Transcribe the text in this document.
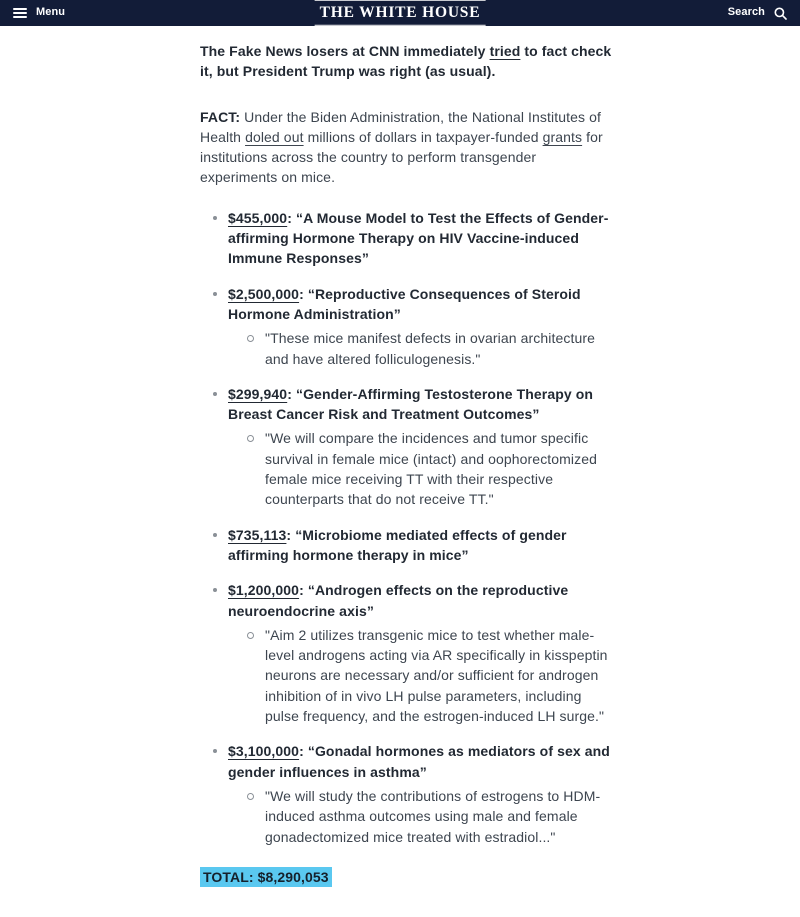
Menu	THE WHITE HOUSE	Search

The Fake News losers at CNN immediately tried to fact check it, but President Trump was right (as usual).

FACT: Under the Biden Administration, the National Institutes of Health doled out millions of dollars in taxpayer-funded grants for institutions across the country to perform transgender experiments on mice.

$455,000: “A Mouse Model to Test the Effects of Gender-affirming Hormone Therapy on HIV Vaccine-induced Immune Responses”
$2,500,000: “Reproductive Consequences of Steroid Hormone Administration”
"These mice manifest defects in ovarian architecture and have altered folliculogenesis."
$299,940: “Gender-Affirming Testosterone Therapy on Breast Cancer Risk and Treatment Outcomes”
"We will compare the incidences and tumor specific survival in female mice (intact) and oophorectomized female mice receiving TT with their respective counterparts that do not receive TT."
$735,113: “Microbiome mediated effects of gender affirming hormone therapy in mice”
$1,200,000: “Androgen effects on the reproductive neuroendocrine axis”
"Aim 2 utilizes transgenic mice to test whether male-level androgens acting via AR specifically in kisspeptin neurons are necessary and/or sufficient for androgen inhibition of in vivo LH pulse parameters, including pulse frequency, and the estrogen-induced LH surge."
$3,100,000: “Gonadal hormones as mediators of sex and gender influences in asthma”
"We will study the contributions of estrogens to HDM-induced asthma outcomes using male and female gonadectomized mice treated with estradiol..."

TOTAL: $8,290,053
